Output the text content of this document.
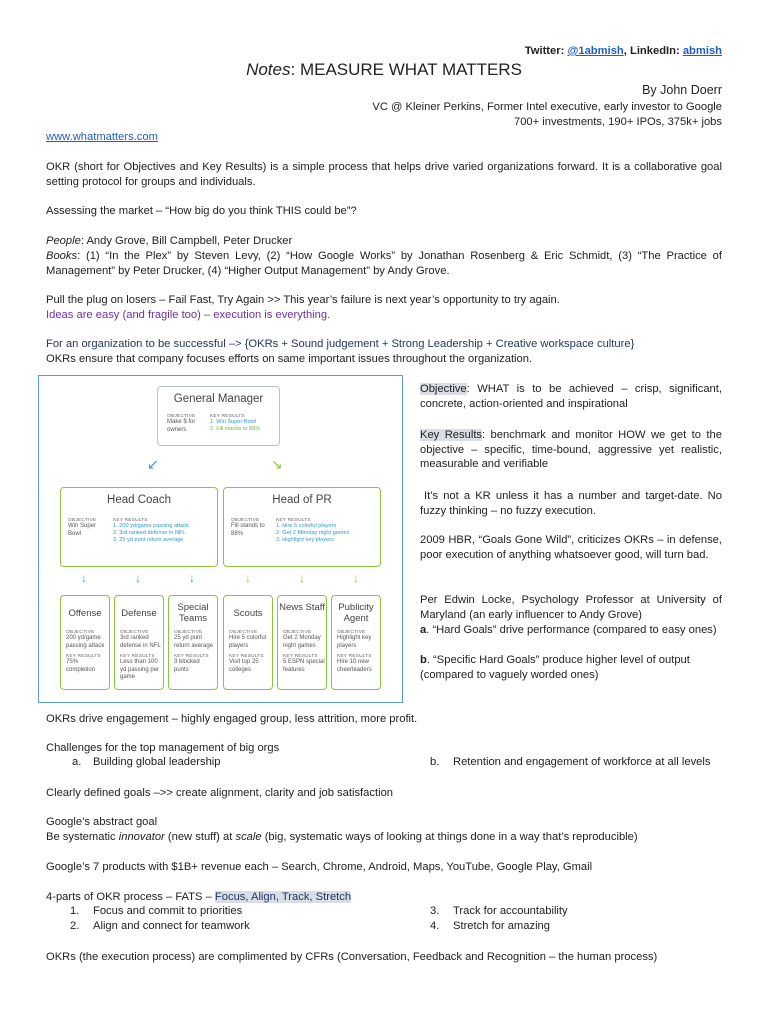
Twitter: @1abmish, LinkedIn: abmish
Notes: MEASURE WHAT MATTERS
By John Doerr
VC @ Kleiner Perkins, Former Intel executive, early investor to Google
700+ investments, 190+ IPOs, 375k+ jobs
www.whatmatters.com
OKR (short for Objectives and Key Results) is a simple process that helps drive varied organizations forward. It is a collaborative goal setting protocol for groups and individuals.
Assessing the market – “How big do you think THIS could be”?
People: Andy Grove, Bill Campbell, Peter Drucker
Books: (1) “In the Plex” by Steven Levy, (2) “How Google Works” by Jonathan Rosenberg & Eric Schmidt, (3) “The Practice of Management” by Peter Drucker, (4) “Higher Output Management” by Andy Grove.
Pull the plug on losers – Fail Fast, Try Again >> This year’s failure is next year’s opportunity to try again.
Ideas are easy (and fragile too) – execution is everything.
For an organization to be successful –> {OKRs + Sound judgement + Strong Leadership + Creative workspace culture}
OKRs ensure that company focuses efforts on same important issues throughout the organization.
General Manager
OBJECTIVE
Make $ for owners
KEY RESULTS
1. Win Super Bowl
2. Fill stands to 88%
↙	↘
Head Coach
OBJECTIVE
Win Super Bowl
KEY RESULTS
1. 200 yd/game passing attack
2. 3rd ranked defense in NFL
3. 25 yd punt return average
Head of PR
OBJECTIVE
Fill stands to 88%
KEY RESULTS
1. Hire 5 colorful players
2. Get 2 Monday night games
3. Highlight key players
↓	↓	↓	↓	↓	↓
Offense
OBJECTIVE
200 yd/game passing attack
KEY RESULTS
75% completion
Defense
OBJECTIVE
3rd ranked defense in NFL
KEY RESULTS
Less than 100 yd passing per game
Special Teams
OBJECTIVE
25 yd punt return average
KEY RESULTS
3 blocked punts
Scouts
OBJECTIVE
Hire 5 colorful players
KEY RESULTS
Visit top 25 colleges
News Staff
OBJECTIVE
Get 2 Monday night games
KEY RESULTS
5 ESPN special features
Publicity Agent
OBJECTIVE
Highlight key players
KEY RESULTS
Hire 10 new cheerleaders
Objective: WHAT is to be achieved – crisp, significant, concrete, action-oriented and inspirational
Key Results: benchmark and monitor HOW we get to the objective – specific, time-bound, aggressive yet realistic, measurable and verifiable
It’s not a KR unless it has a number and target-date. No fuzzy thinking – no fuzzy execution.
2009 HBR, “Goals Gone Wild”, criticizes OKRs – in defense, poor execution of anything whatsoever good, will turn bad.
Per Edwin Locke, Psychology Professor at University of Maryland (an early influencer to Andy Grove)
a. “Hard Goals” drive performance (compared to easy ones)
b. “Specific Hard Goals” produce higher level of output (compared to vaguely worded ones)
OKRs drive engagement – highly engaged group, less attrition, more profit.
Challenges for the top management of big orgs
a. Building global leadership	b. Retention and engagement of workforce at all levels
Clearly defined goals –>> create alignment, clarity and job satisfaction
Google’s abstract goal
Be systematic innovator (new stuff) at scale (big, systematic ways of looking at things done in a way that’s reproducible)
Google’s 7 products with $1B+ revenue each – Search, Chrome, Android, Maps, YouTube, Google Play, Gmail
4-parts of OKR process – FATS – Focus, Align, Track, Stretch
1. Focus and commit to priorities
2. Align and connect for teamwork
3. Track for accountability
4. Stretch for amazing
OKRs (the execution process) are complimented by CFRs (Conversation, Feedback and Recognition – the human process)
